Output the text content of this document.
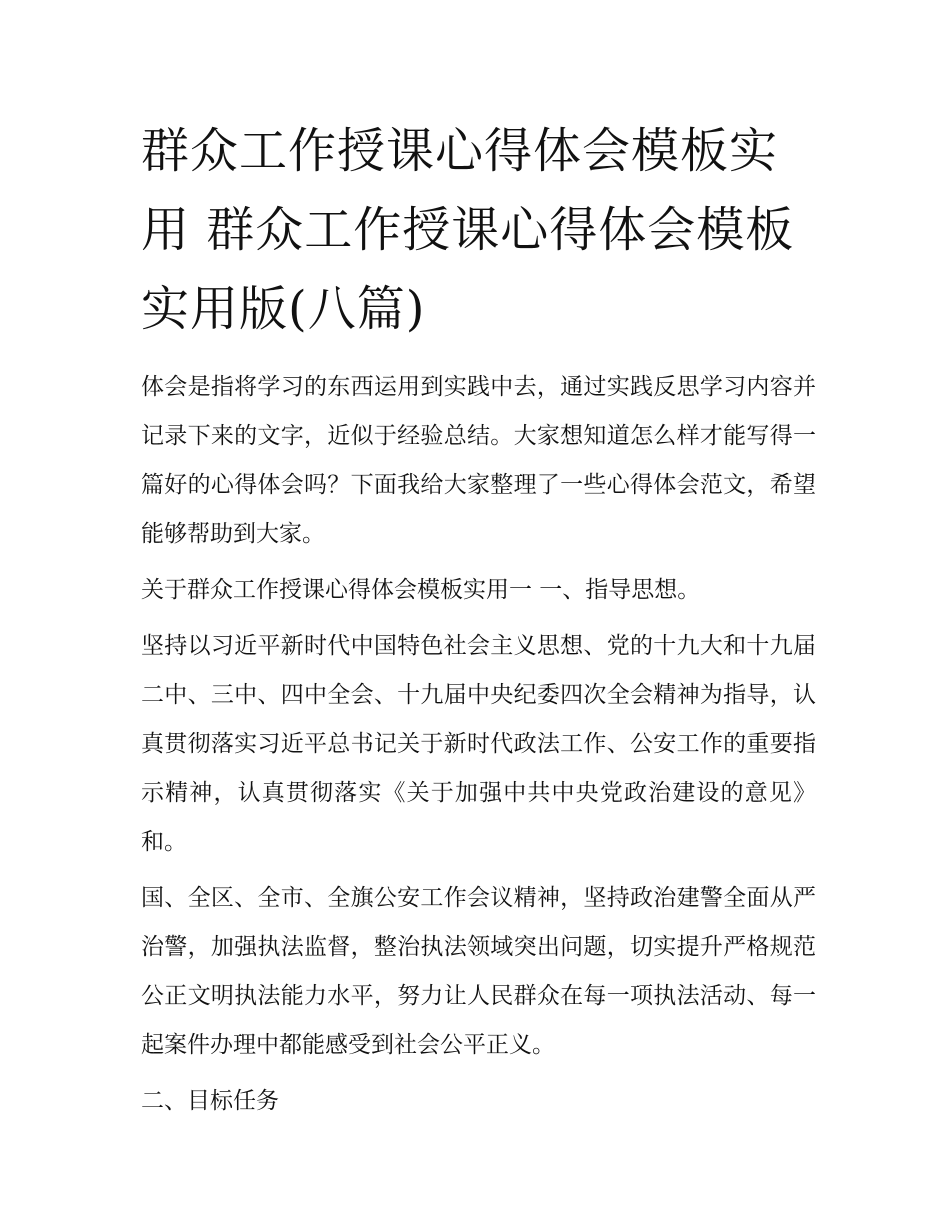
群众工作授课心得体会模板实用 群众工作授课心得体会模板实用版(八篇)

体会是指将学习的东西运用到实践中去，通过实践反思学习内容并记录下来的文字，近似于经验总结。大家想知道怎么样才能写得一篇好的心得体会吗？下面我给大家整理了一些心得体会范文，希望能够帮助到大家。

关于群众工作授课心得体会模板实用一 一、指导思想。

坚持以习近平新时代中国特色社会主义思想、党的十九大和十九届二中、三中、四中全会、十九届中央纪委四次全会精神为指导，认真贯彻落实习近平总书记关于新时代政法工作、公安工作的重要指示精神，认真贯彻落实《关于加强中共中央党政治建设的意见》和。

国、全区、全市、全旗公安工作会议精神，坚持政治建警全面从严治警，加强执法监督，整治执法领域突出问题，切实提升严格规范公正文明执法能力水平，努力让人民群众在每一项执法活动、每一起案件办理中都能感受到社会公平正义。

二、目标任务
